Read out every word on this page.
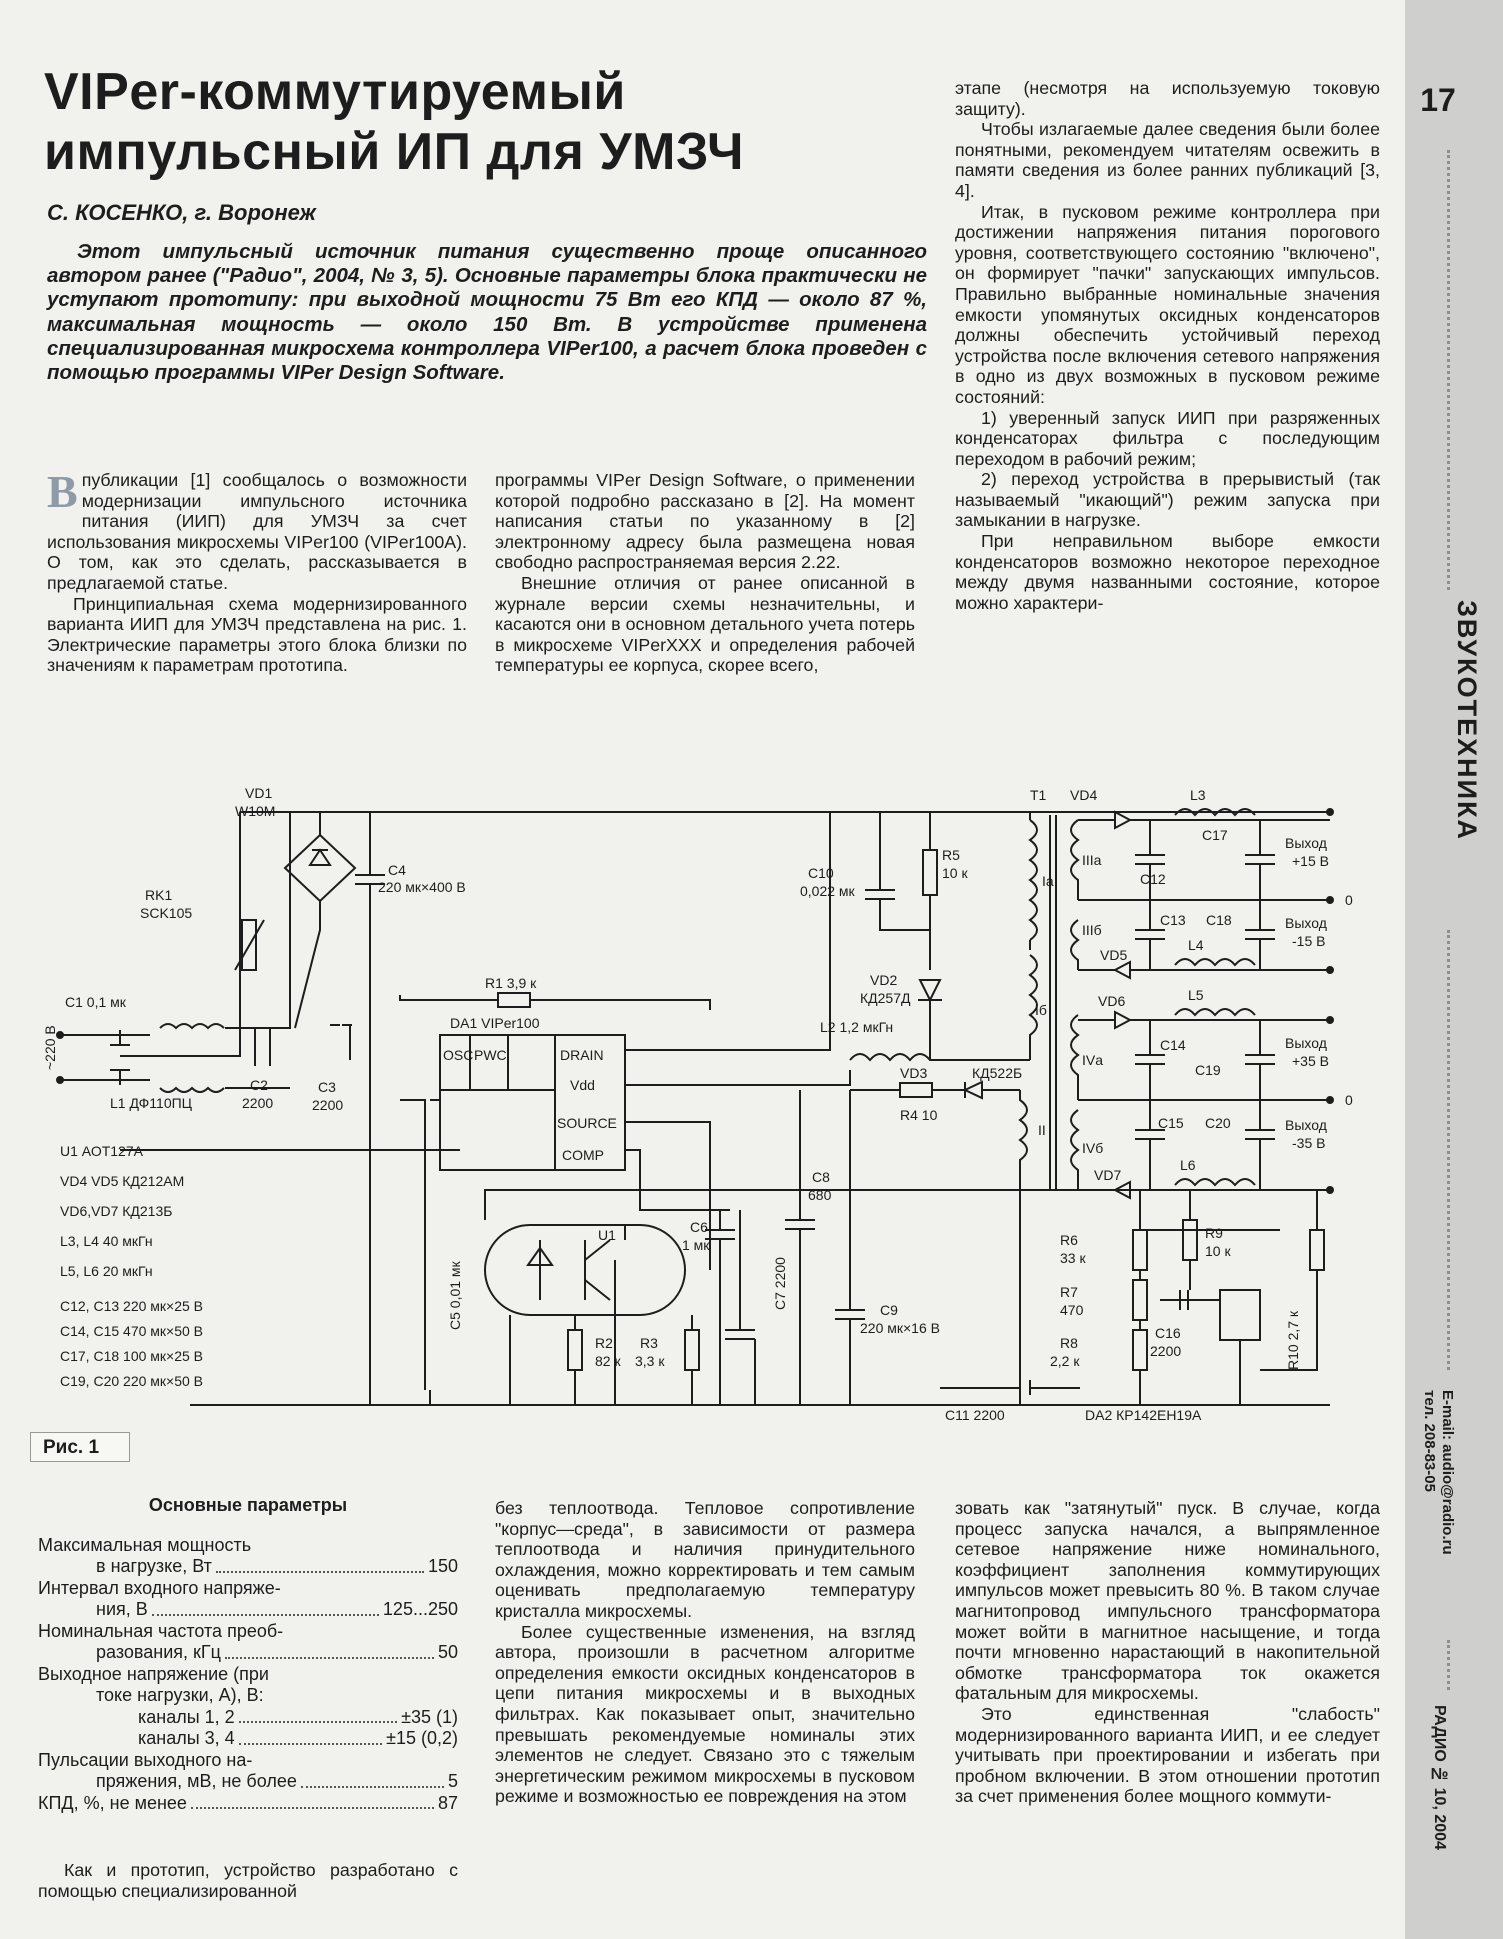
17
ЗВУКОТЕХНИКА
E-mail: audio@radio.ru
тел. 208-83-05
РАДИО № 10, 2004
VIPer-коммутируемый
импульсный ИП для УМЗЧ
С. КОСЕНКО, г. Воронеж
Этот импульсный источник питания существенно проще описанного автором ранее ("Радио", 2004, № 3, 5). Основные параметры блока практически не уступают прототипу: при выходной мощности 75 Вт его КПД — около 87 %, максимальная мощность — около 150 Вт. В устройстве применена специализированная микросхема контроллера VIPer100, а расчет блока проведен с помощью программы VIPer Design Software.

Впубликации [1] сообщалось о возможности модернизации импульсного источника питания (ИИП) для УМЗЧ за счет использования микросхемы VIPer100 (VIPer100A). О том, как это сделать, рассказывается в предлагаемой статье.

Принципиальная схема модернизированного варианта ИИП для УМЗЧ представлена на рис. 1. Электрические параметры этого блока близки по значениям к параметрам прототипа.

программы VIPer Design Software, о применении которой подробно рассказано в [2]. На момент написания статьи по указанному в [2] электронному адресу была размещена новая свободно распространяемая версия 2.22.

Внешние отличия от ранее описанной в журнале версии схемы незначительны, и касаются они в основном детального учета потерь в микросхеме VIPerXXX и определения рабочей температуры ее корпуса, скорее всего,

этапе (несмотря на используемую токовую защиту).

Чтобы излагаемые далее сведения были более понятными, рекомендуем читателям освежить в памяти сведения из более ранних публикаций [3, 4].

Итак, в пусковом режиме контроллера при достижении напряжения питания порогового уровня, соответствующего состоянию "включено", он формирует "пачки" запускающих импульсов. Правильно выбранные номинальные значения емкости упомянутых оксидных конденсаторов должны обеспечить устойчивый переход устройства после включения сетевого напряжения в одно из двух возможных в пусковом режиме состояний:

1) уверенный запуск ИИП при разряженных конденсаторах фильтра с последующим переходом в рабочий режим;

2) переход устройства в прерывистый (так называемый "икающий") режим запуска при замыкании в нагрузке.

При неправильном выборе емкости конденсаторов возможно некоторое переходное между двумя названными состояние, которое можно характери-

VD1
W10M
RK1
SCK105
C1 0,1 мк
~220 В
L1 ДФ110ПЦ
C2
2200
C3
2200
C4
220 мк×400 В
R1 3,9 к
DA1 VIPer100
OSC PWC	DRAIN
Vdd
SOURCE
COMP
C5 0,01 мк
U1
R2
82 к
R3
3,3 к
C6
1 мк
C7 2200
C8
680
C9
220 мк×16 В
C10
0,022 мк
R5
10 к
VD2
КД257Д
L2 1,2 мкГн
VD3	КД522Б
R4 10
T1 VD4
VD5
VD6
VD7
L3
L4
L5
L6
C12
C13
C14
C15
C17
C18
C19
C20
Выход
+15 В
0
Выход
-15 В
Выход
+35 В
0
Выход
-35 В
R6
33 к
R7
470
R8
2,2 к
R9
10 к
R10 2,7 к
C16
2200
C11 2200	DA2 КР142ЕН19А
Iа
Iб
II
IIIа
IIIб
IVа
IVб
U1 АОТ127А
VD4 VD5 КД212АМ
VD6,VD7 КД213Б
L3, L4 40 мкГн
L5, L6 20 мкГн
C12, C13 220 мк×25 В
C14, C15 470 мк×50 В
C17, C18 100 мк×25 В
C19, C20 220 мк×50 В
Рис. 1
Основные параметры
Максимальная мощность
в нагрузке, Вт	150
Интервал входного напряже-
ния, В	125...250
Номинальная частота преоб-
разования, кГц	50
Выходное напряжение (при
токе нагрузки, А), В:
каналы 1, 2	±35 (1)
каналы 3, 4	±15 (0,2)
Пульсации выходного на-
пряжения, мВ, не более	5
КПД, %, не менее	87

Как и прототип, устройство разработано с помощью специализированной

без теплоотвода. Тепловое сопротивление "корпус—среда", в зависимости от размера теплоотвода и наличия принудительного охлаждения, можно корректировать и тем самым оценивать предполагаемую температуру кристалла микросхемы.

Более существенные изменения, на взгляд автора, произошли в расчетном алгоритме определения емкости оксидных конденсаторов в цепи питания микросхемы и в выходных фильтрах. Как показывает опыт, значительно превышать рекомендуемые номиналы этих элементов не следует. Связано это с тяжелым энергетическим режимом микросхемы в пусковом режиме и возможностью ее повреждения на этом

зовать как "затянутый" пуск. В случае, когда процесс запуска начался, а выпрямленное сетевое напряжение ниже номинального, коэффициент заполнения коммутирующих импульсов может превысить 80 %. В таком случае магнитопровод импульсного трансформатора может войти в магнитное насыщение, и тогда почти мгновенно нарастающий в накопительной обмотке трансформатора ток окажется фатальным для микросхемы.

Это единственная "слабость" модернизированного варианта ИИП, и ее следует учитывать при проектировании и избегать при пробном включении. В этом отношении прототип за счет применения более мощного коммути-
